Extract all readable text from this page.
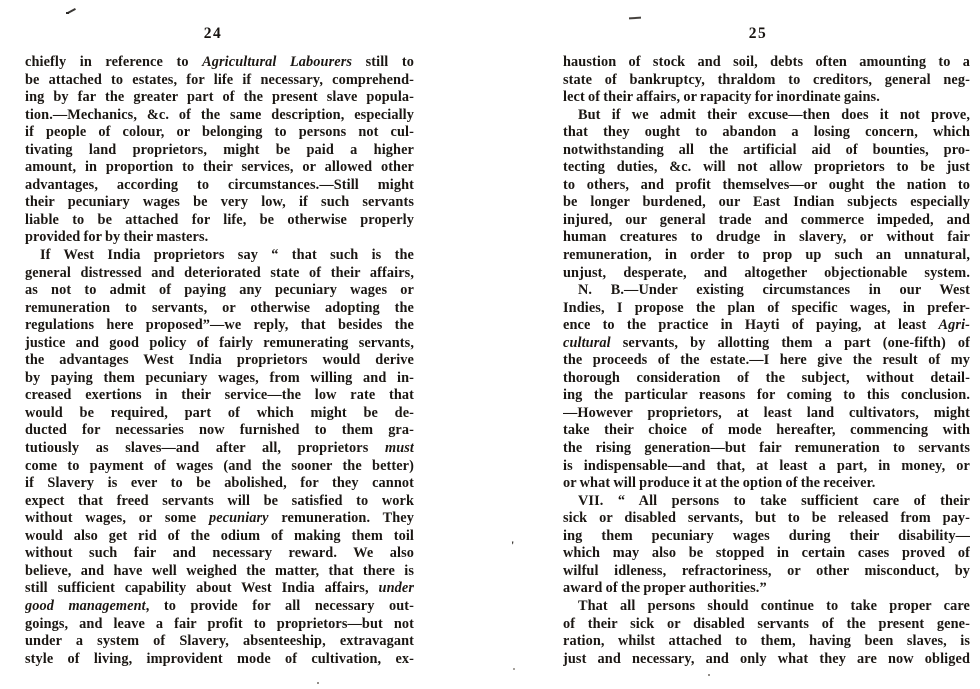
24	25
chiefly in reference to Agricultural Labourers still to
be attached to estates, for life if necessary, comprehend-
ing by far the greater part of the present slave popula-
tion.—Mechanics, &c. of the same description, especially
if people of colour, or belonging to persons not cul-
tivating land proprietors, might be paid a higher
amount, in proportion to their services, or allowed other
advantages, according to circumstances.—Still might
their pecuniary wages be very low, if such servants
liable to be attached for life, be otherwise properly
provided for by their masters.
If West India proprietors say “ that such is the
general distressed and deteriorated state of their affairs,
as not to admit of paying any pecuniary wages or
remuneration to servants, or otherwise adopting the
regulations here proposed”—we reply, that besides the
justice and good policy of fairly remunerating servants,
the advantages West India proprietors would derive
by paying them pecuniary wages, from willing and in-
creased exertions in their service—the low rate that
would be required, part of which might be de-
ducted for necessaries now furnished to them gra-
tutiously as slaves—and after all, proprietors must
come to payment of wages (and the sooner the better)
if Slavery is ever to be abolished, for they cannot
expect that freed servants will be satisfied to work
without wages, or some pecuniary remuneration. They
would also get rid of the odium of making them toil
without such fair and necessary reward. We also
believe, and have well weighed the matter, that there is
still sufficient capability about West India affairs, under
good management, to provide for all necessary out-
goings, and leave a fair profit to proprietors—but not
under a system of Slavery, absenteeship, extravagant
style of living, improvident mode of cultivation, ex-
haustion of stock and soil, debts often amounting to a
state of bankruptcy, thraldom to creditors, general neg-
lect of their affairs, or rapacity for inordinate gains.
But if we admit their excuse—then does it not prove,
that they ought to abandon a losing concern, which
notwithstanding all the artificial aid of bounties, pro-
tecting duties, &c. will not allow proprietors to be just
to others, and profit themselves—or ought the nation to
be longer burdened, our East Indian subjects especially
injured, our general trade and commerce impeded, and
human creatures to drudge in slavery, or without fair
remuneration, in order to prop up such an unnatural,
unjust, desperate, and altogether objectionable system.
N. B.—Under existing circumstances in our West
Indies, I propose the plan of specific wages, in prefer-
ence to the practice in Hayti of paying, at least Agri-
cultural servants, by allotting them a part (one-fifth) of
the proceeds of the estate.—I here give the result of my
thorough consideration of the subject, without detail-
ing the particular reasons for coming to this conclusion.
—However proprietors, at least land cultivators, might
take their choice of mode hereafter, commencing with
the rising generation—but fair remuneration to servants
is indispensable—and that, at least a part, in money, or
or what will produce it at the option of the receiver.
VII. “ All persons to take sufficient care of their
sick or disabled servants, but to be released from pay-
ing them pecuniary wages during their disability—
which may also be stopped in certain cases proved of
wilful idleness, refractoriness, or other misconduct, by
award of the proper authorities.”
That all persons should continue to take proper care
of their sick or disabled servants of the present gene-
ration, whilst attached to them, having been slaves, is
just and necessary, and only what they are now obliged
'
